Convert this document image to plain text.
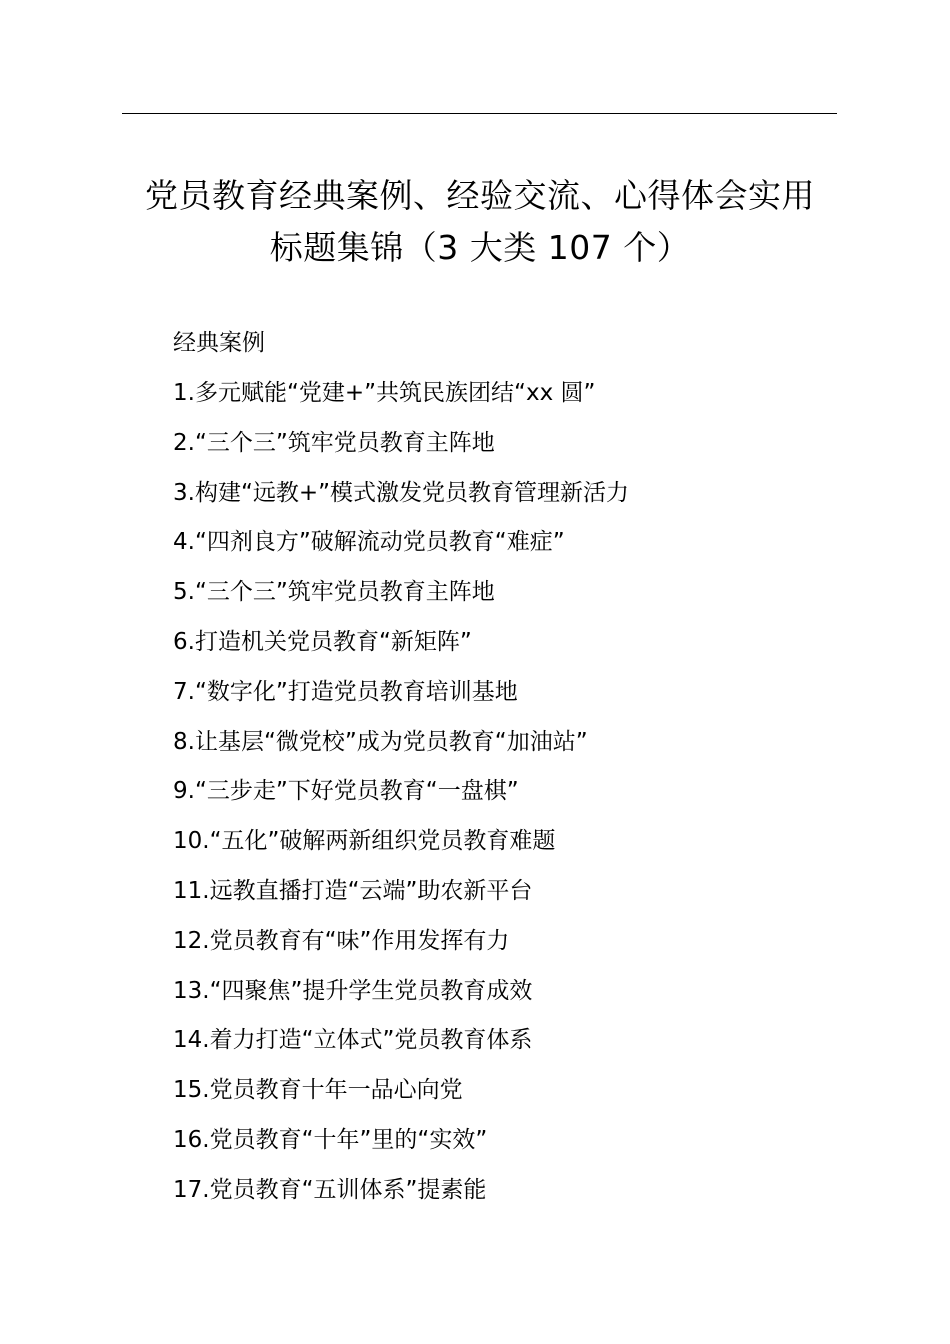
党员教育经典案例、经验交流、心得体会实用
标题集锦（3 大类 107 个）
经典案例
1.多元赋能“党建+”共筑民族团结“xx 圆”
2.“三个三”筑牢党员教育主阵地
3.构建“远教+”模式激发党员教育管理新活力
4.“四剂良方”破解流动党员教育“难症”
5.“三个三”筑牢党员教育主阵地
6.打造机关党员教育“新矩阵”
7.“数字化”打造党员教育培训基地
8.让基层“微党校”成为党员教育“加油站”
9.“三步走”下好党员教育“一盘棋”
10.“五化”破解两新组织党员教育难题
11.远教直播打造“云端”助农新平台
12.党员教育有“味”作用发挥有力
13.“四聚焦”提升学生党员教育成效
14.着力打造“立体式”党员教育体系
15.党员教育十年一品心向党
16.党员教育“十年”里的“实效”
17.党员教育“五训体系”提素能
